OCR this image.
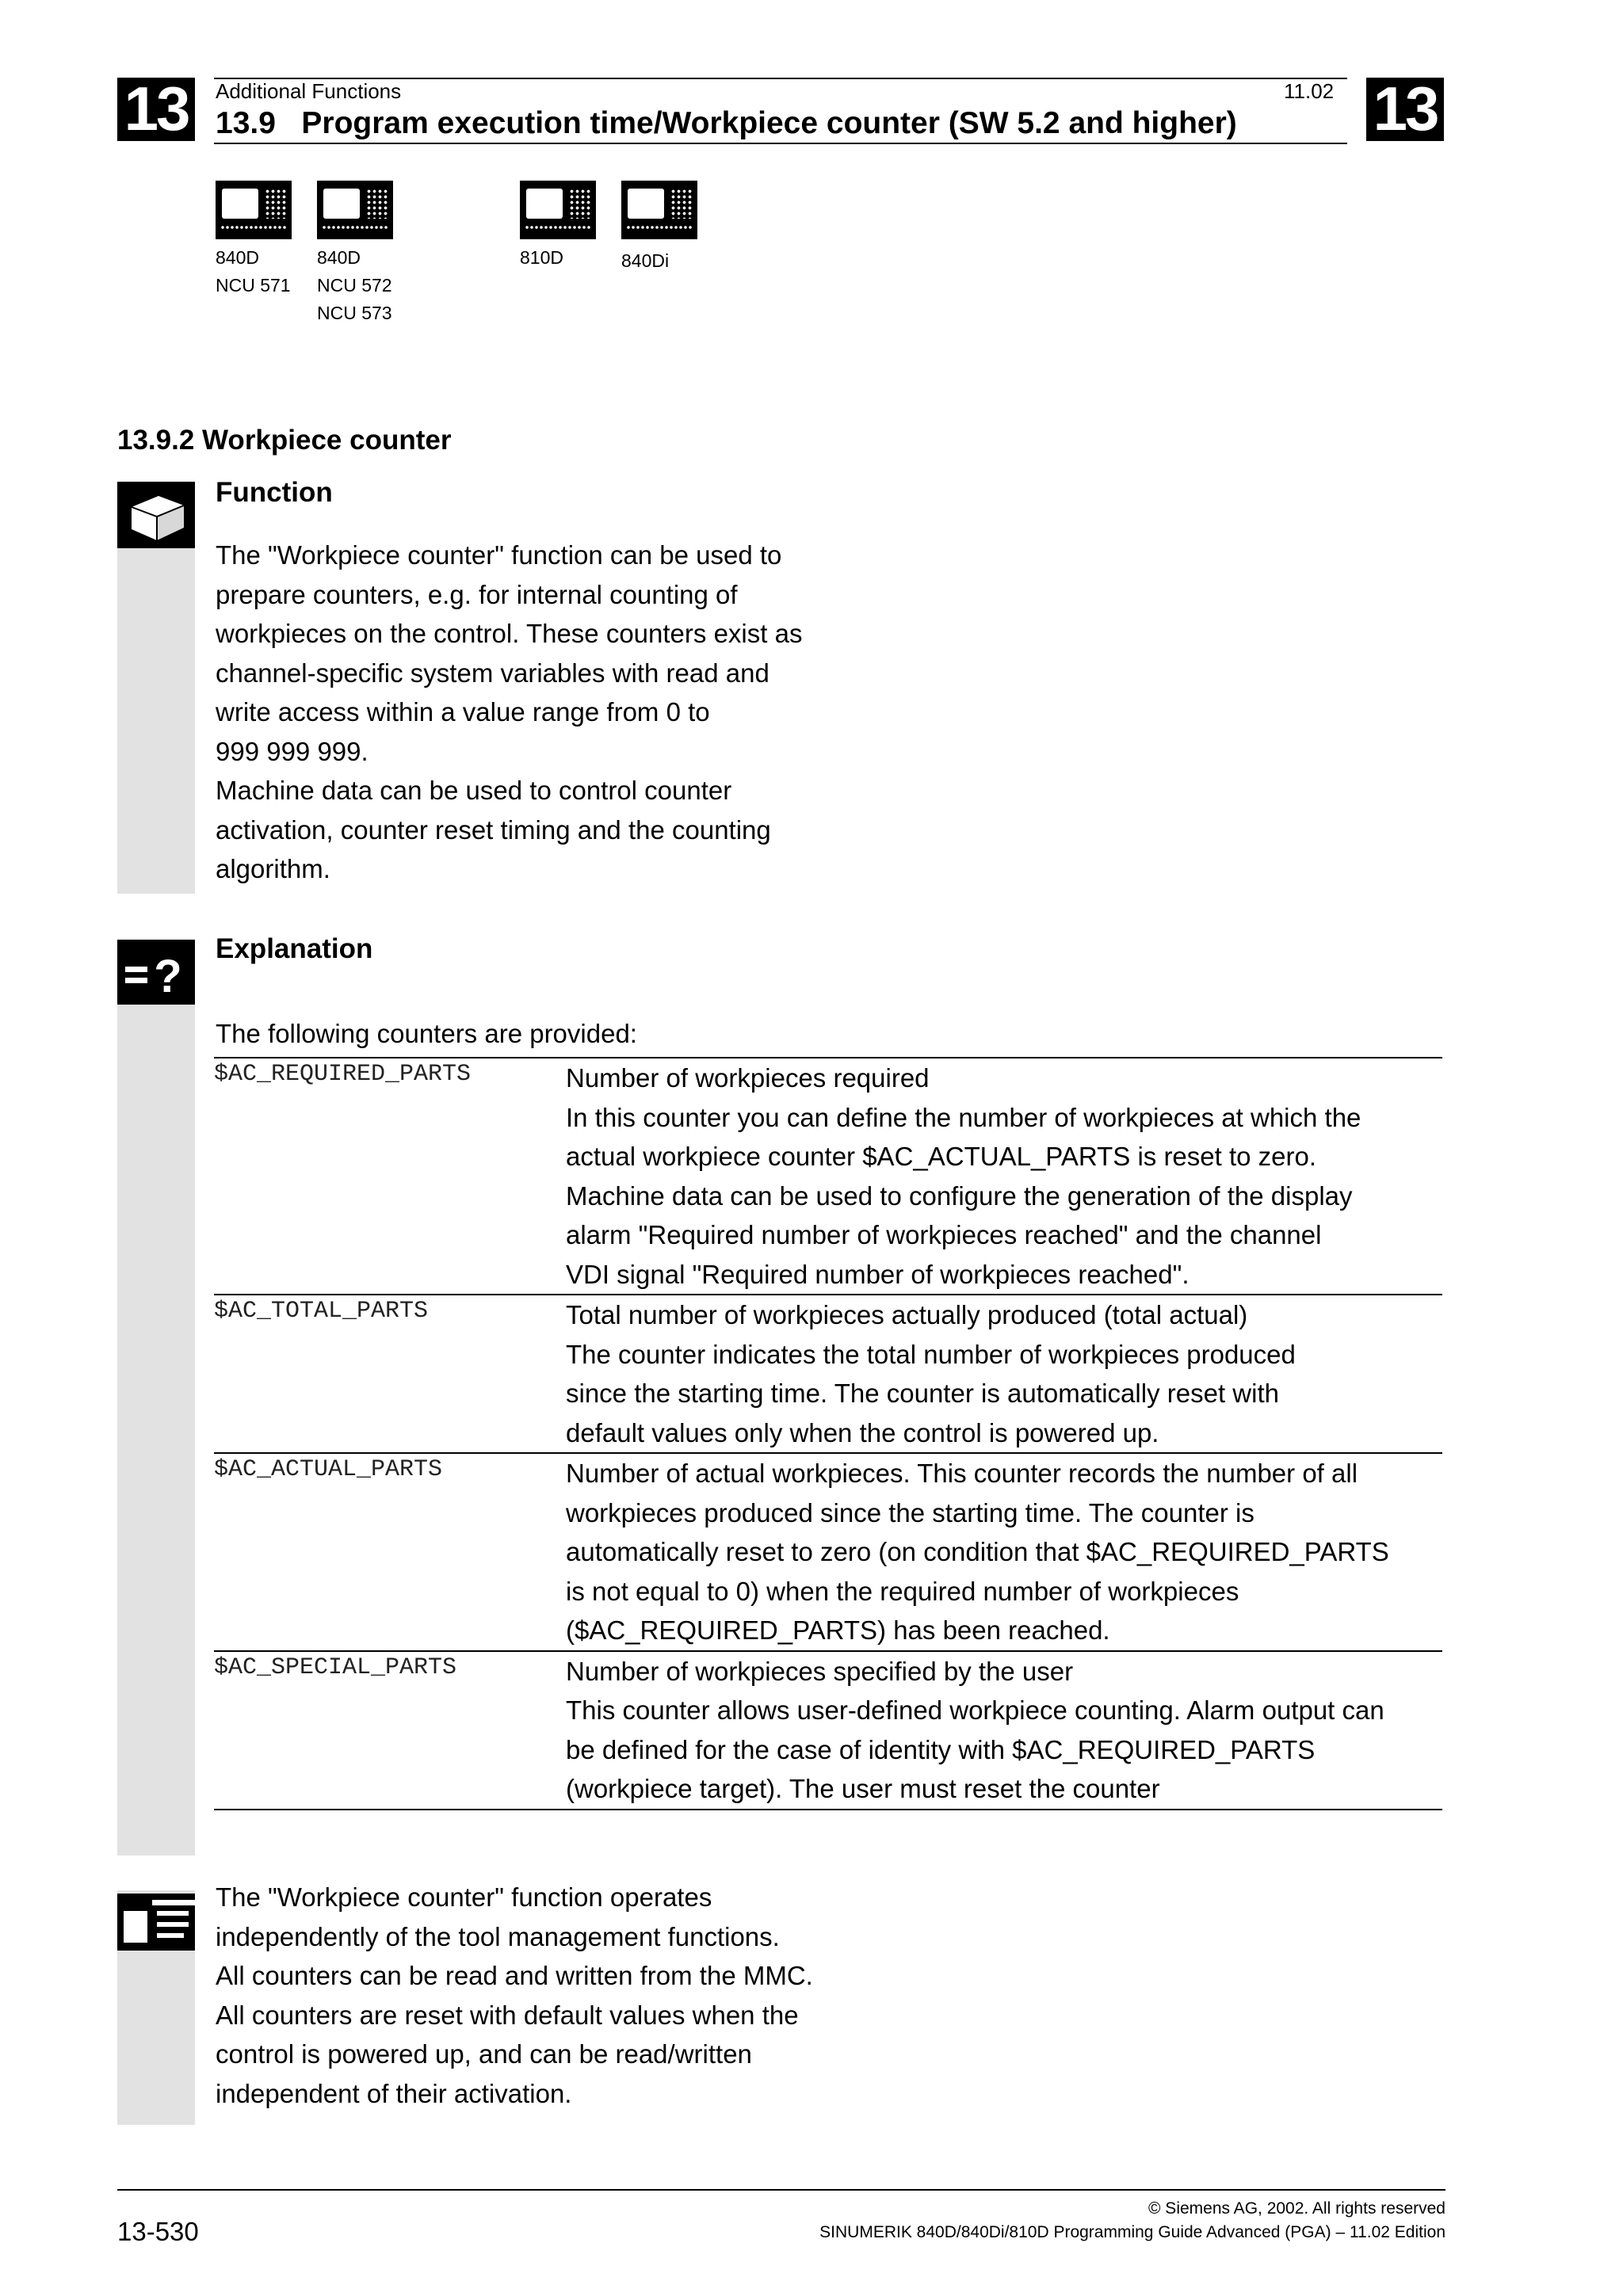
13	13
Additional Functions	11.02
13.9   Program execution time/Workpiece counter (SW 5.2 and higher)
840D
NCU 571
840D
NCU 572
NCU 573
810D	840Di
13.9.2 Workpiece counter
Function
The "Workpiece counter" function can be used to
prepare counters, e.g. for internal counting of
workpieces on the control. These counters exist as
channel-specific system variables with read and
write access within a value range from 0 to
999 999 999.
Machine data can be used to control counter
activation, counter reset timing and the counting
algorithm.
?
Explanation
The following counters are provided:
$AC_REQUIRED_PARTS	Number of workpieces required
In this counter you can define the number of workpieces at which the
actual workpiece counter $AC_ACTUAL_PARTS is reset to zero.
Machine data can be used to configure the generation of the display
alarm "Required number of workpieces reached" and the channel
VDI signal "Required number of workpieces reached".
$AC_TOTAL_PARTS	Total number of workpieces actually produced (total actual)
The counter indicates the total number of workpieces produced
since the starting time. The counter is automatically reset with
default values only when the control is powered up.
$AC_ACTUAL_PARTS	Number of actual workpieces. This counter records the number of all
workpieces produced since the starting time. The counter is
automatically reset to zero (on condition that $AC_REQUIRED_PARTS
is not equal to 0) when the required number of workpieces
($AC_REQUIRED_PARTS) has been reached.
$AC_SPECIAL_PARTS	Number of workpieces specified by the user
This counter allows user-defined workpiece counting. Alarm output can
be defined for the case of identity with $AC_REQUIRED_PARTS
(workpiece target). The user must reset the counter
The "Workpiece counter" function operates
independently of the tool management functions.
All counters can be read and written from the MMC.
All counters are reset with default values when the
control is powered up, and can be read/written
independent of their activation.
13-530
© Siemens AG, 2002. All rights reserved
SINUMERIK 840D/840Di/810D Programming Guide Advanced (PGA) – 11.02 Edition
